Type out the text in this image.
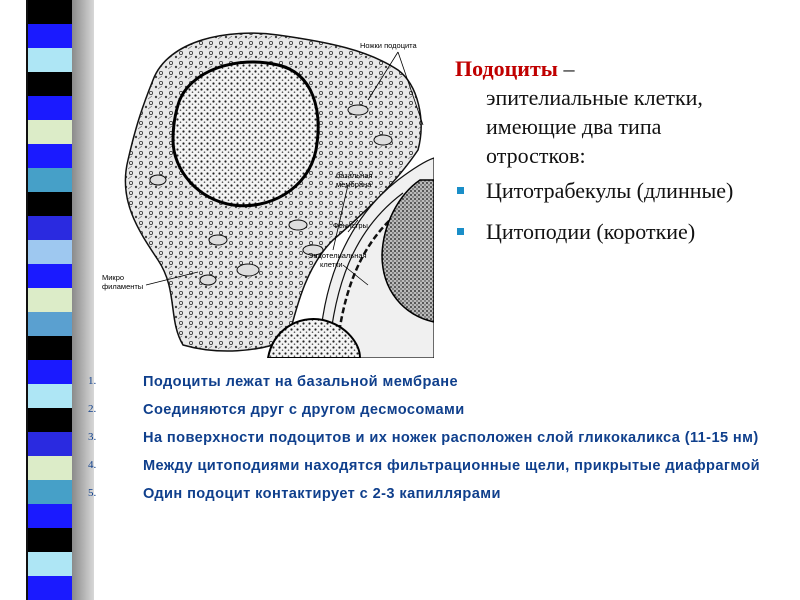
Ножки подоцита
базальная
мембрана
Фенистры
Эндотелиальная
клетки
Микро
филаменты
Подоциты –
эпителиальные клетки,
имеющие два типа
отростков:
Цитотрабекулы (длинные)
Цитоподии (короткие)
1.	Подоциты лежат на базальной мембране
2.	Соединяются друг с другом десмосомами
3.	На поверхности подоцитов и их ножек расположен слой гликокаликса (11-15 нм)
4.	Между цитоподиями находятся фильтрационные щели, прикрытые диафрагмой
5.	Один подоцит контактирует с 2-3 капиллярами
